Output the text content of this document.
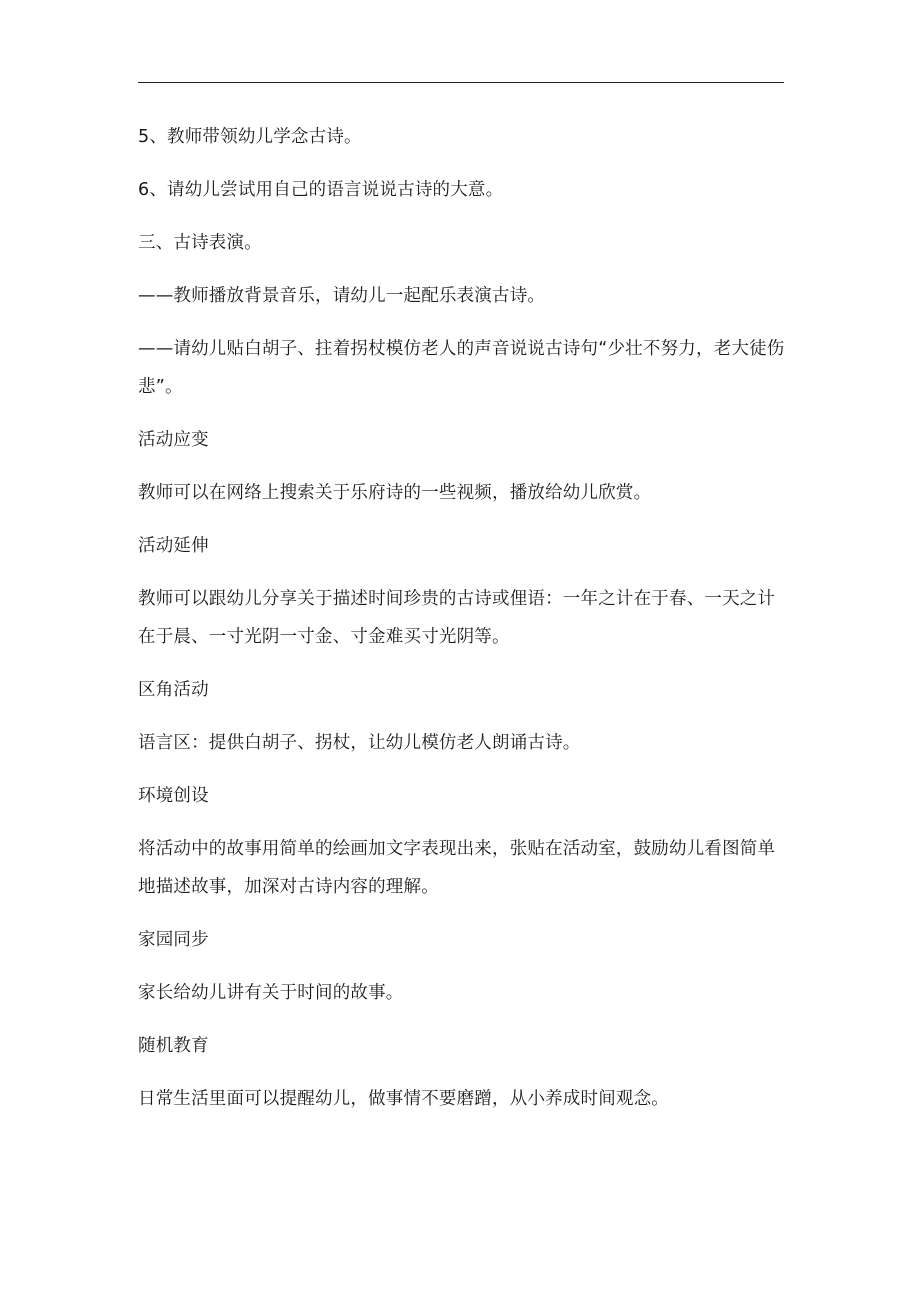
5、教师带领幼儿学念古诗。

6、请幼儿尝试用自己的语言说说古诗的大意。

三、古诗表演。

——教师播放背景音乐，请幼儿一起配乐表演古诗。

——请幼儿贴白胡子、拄着拐杖模仿老人的声音说说古诗句“少壮不努力，老大徒伤悲”。

活动应变

教师可以在网络上搜索关于乐府诗的一些视频，播放给幼儿欣赏。

活动延伸

教师可以跟幼儿分享关于描述时间珍贵的古诗或俚语：一年之计在于春、一天之计在于晨、一寸光阴一寸金、寸金难买寸光阴等。

区角活动

语言区：提供白胡子、拐杖，让幼儿模仿老人朗诵古诗。

环境创设

将活动中的故事用简单的绘画加文字表现出来，张贴在活动室，鼓励幼儿看图简单地描述故事，加深对古诗内容的理解。

家园同步

家长给幼儿讲有关于时间的故事。

随机教育

日常生活里面可以提醒幼儿，做事情不要磨蹭，从小养成时间观念。
